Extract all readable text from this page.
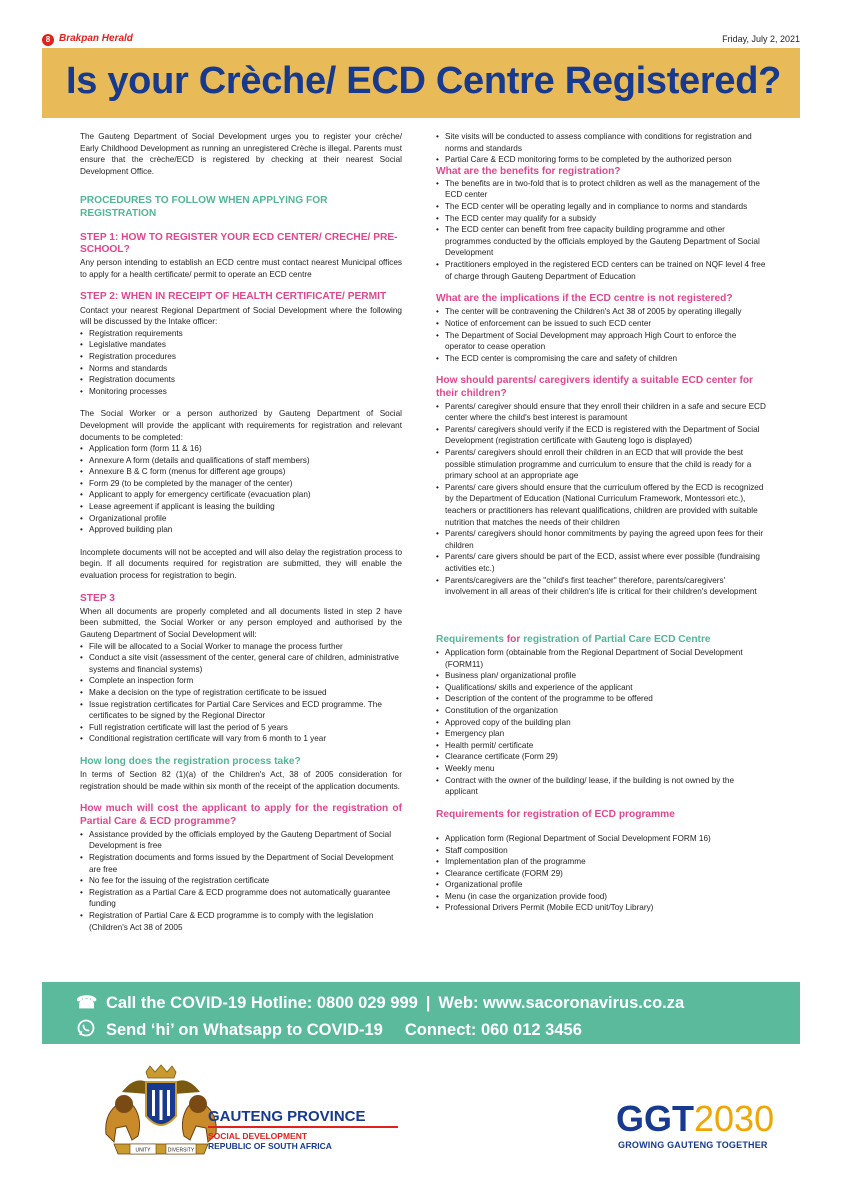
8 Brakpan Herald	Friday, July 2, 2021
Is your Crèche/ ECD Centre Registered?

The Gauteng Department of Social Development urges you to register your crèche/ Early Childhood Development as running an unregistered Crèche is illegal. Parents must ensure that the crèche/ECD is registered by checking at their nearest Social Development Office.

PROCEDURES TO FOLLOW WHEN APPLYING FOR REGISTRATION
STEP 1: HOW TO REGISTER YOUR ECD CENTER/ CRECHE/ PRE-SCHOOL?

Any person intending to establish an ECD centre must contact nearest Municipal offices to apply for a health certificate/ permit to operate an ECD centre

STEP 2: WHEN IN RECEIPT OF HEALTH CERTIFICATE/ PERMIT

Contact your nearest Regional Department of Social Development where the following will be discussed by the Intake officer:

• Registration requirements
• Legislative mandates
• Registration procedures
• Norms and standards
• Registration documents
• Monitoring processes

The Social Worker or a person authorized by Gauteng Department of Social Development will provide the applicant with requirements for registration and relevant documents to be completed:

• Application form (form 11 & 16)
• Annexure A form (details and qualifications of staff members)
• Annexure B & C form (menus for different age groups)
• Form 29 (to be completed by the manager of the center)
• Applicant to apply for emergency certificate (evacuation plan)
• Lease agreement if applicant is leasing the building
• Organizational profile
• Approved building plan

Incomplete documents will not be accepted and will also delay the registration process to begin. If all documents required for registration are submitted, they will enable the evaluation process for registration to begin.

STEP 3

When all documents are properly completed and all documents listed in step 2 have been submitted, the Social Worker or any person employed and authorised by the Gauteng Department of Social Development will:

• File will be allocated to a Social Worker to manage the process further
• Conduct a site visit (assessment of the center, general care of children, administrative systems and financial systems)
• Complete an inspection form
• Make a decision on the type of registration certificate to be issued
• Issue registration certificates for Partial Care Services and ECD programme. The certificates to be signed by the Regional Director
• Full registration certificate will last the period of 5 years
• Conditional registration certificate will vary from 6 month to 1 year
How long does the registration process take?

In terms of Section 82 (1)(a) of the Children's Act, 38 of 2005 consideration for registration should be made within six month of the receipt of the application documents.

How much will cost the applicant to apply for the registration of Partial Care & ECD programme?
• Assistance provided by the officials employed by the Gauteng Department of Social Development is free
• Registration documents and forms issued by the Department of Social Development are free
• No fee for the issuing of the registration certificate
• Registration as a Partial Care & ECD programme does not automatically guarantee funding
• Registration of Partial Care & ECD programme is to comply with the legislation (Children's Act 38 of 2005
• Site visits will be conducted to assess compliance with conditions for registration and norms and standards
• Partial Care & ECD monitoring forms to be completed by the authorized person
What are the benefits for registration?
• The benefits are in two-fold that is to protect children as well as the management of the ECD center
• The ECD center will be operating legally and in compliance to norms and standards
• The ECD center may qualify for a subsidy
• The ECD center can benefit from free capacity building programme and other programmes conducted by the officials employed by the Gauteng Department of Social Development
• Practitioners employed in the registered ECD centers can be trained on NQF level 4 free of charge through Gauteng Department of Education
What are the implications if the ECD centre is not registered?
• The center will be contravening the Children's Act 38 of 2005 by operating illegally
• Notice of enforcement can be issued to such ECD center
• The Department of Social Development may approach High Court to enforce the operator to cease operation
• The ECD center is compromising the care and safety of children
How should parents/ caregivers identify a suitable ECD center for their children?
• Parents/ caregiver should ensure that they enroll their children in a safe and secure ECD center where the child's best interest is paramount
• Parents/ caregivers should verify if the ECD is registered with the Department of Social Development (registration certificate with Gauteng logo is displayed)
• Parents/ caregivers should enroll their children in an ECD that will provide the best possible stimulation programme and curriculum to ensure that the child is ready for a primary school at an appropriate age
• Parents/ care givers should ensure that the curriculum offered by the ECD is recognized by the Department of Education (National Curriculum Framework, Montessori etc.), teachers or practitioners has relevant qualifications, children are provided with suitable nutrition that matches the needs of their children
• Parents/ caregivers should honor commitments by paying the agreed upon fees for their children
• Parents/ care givers should be part of the ECD, assist where ever possible (fundraising activities etc.)
• Parents/caregivers are the "child's first teacher" therefore, parents/caregivers' involvement in all areas of their children's life is critical for their children's development
Requirements for registration of Partial Care ECD Centre
• Application form (obtainable from the Regional Department of Social Development (FORM11)
• Business plan/ organizational profile
• Qualifications/ skills and experience of the applicant
• Description of the content of the programme to be offered
• Constitution of the organization
• Approved copy of the building plan
• Emergency plan
• Health permit/ certificate
• Clearance certificate (Form 29)
• Weekly menu
• Contract with the owner of the building/ lease, if the building is not owned by the applicant
Requirements for registration of ECD programme
• Application form (Regional Department of Social Development FORM 16)
• Staff composition
• Implementation plan of the programme
• Clearance certificate (FORM 29)
• Organizational profile
• Menu (in case the organization provide food)
• Professional Drivers Permit (Mobile ECD unit/Toy Library)
☎ Call the COVID-19 Hotline: 0800 029 999 | Web: www.sacoronavirus.co.za
Send ‘hi’ on Whatsapp to COVID-19 Connect: 060 012 3456
UNITY	DIVERSITY
GAUTENG PROVINCE
SOCIAL DEVELOPMENT
REPUBLIC OF SOUTH AFRICA
GGT2030
GROWING GAUTENG TOGETHER
